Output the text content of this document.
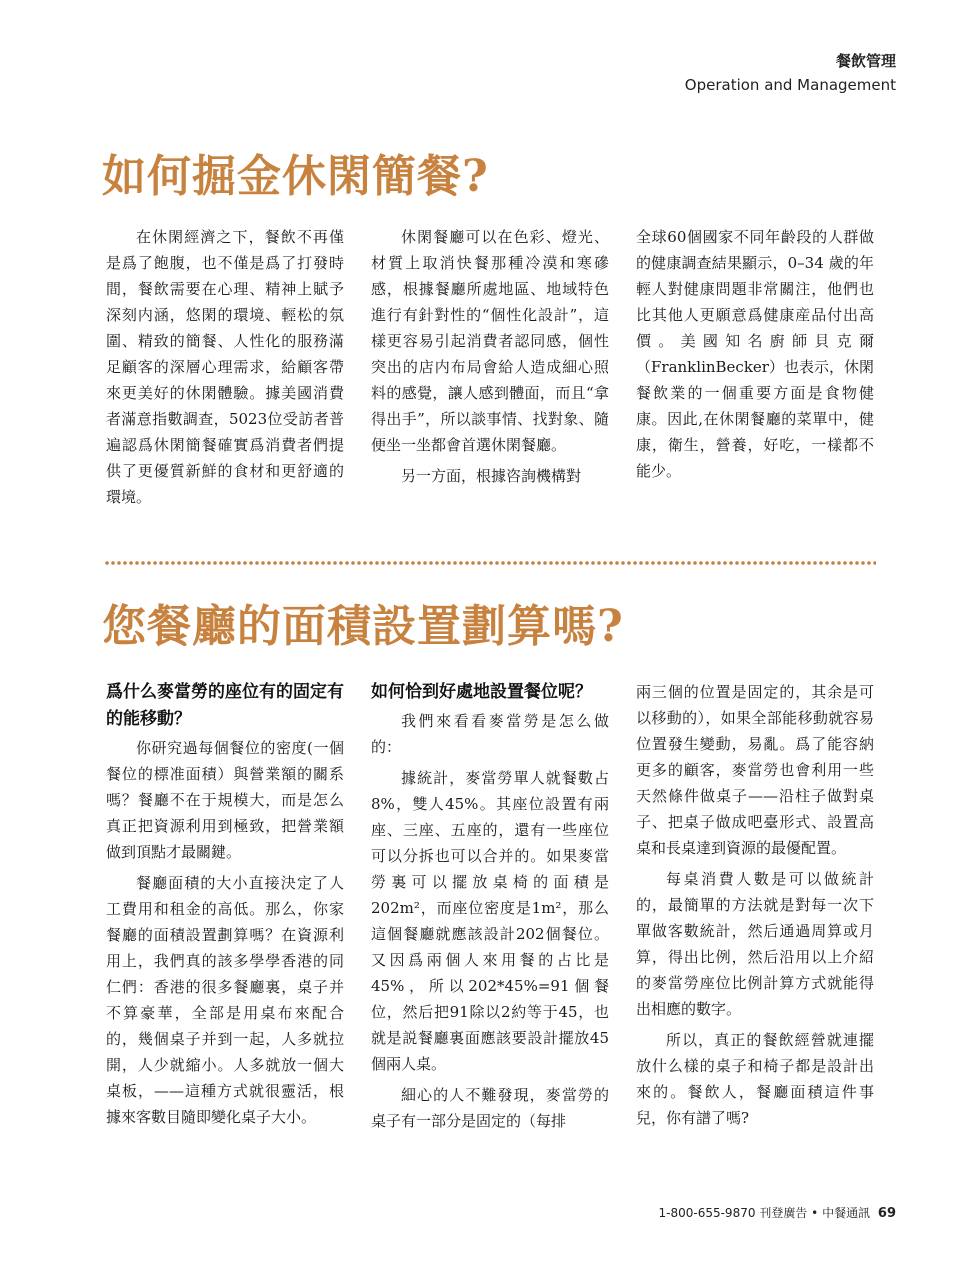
餐飲管理
Operation and Management
如何掘金休閑簡餐?

在休閑經濟之下，餐飲不再僅是爲了飽腹，也不僅是爲了打發時間，餐飲需要在心理、精神上賦予深刻内涵，悠閑的環境、輕松的氛圍、精致的簡餐、人性化的服務滿足顧客的深層心理需求，給顧客帶來更美好的休閑體驗。據美國消費者滿意指數調查，5023位受訪者普遍認爲休閑簡餐確實爲消費者們提供了更優質新鮮的食材和更舒適的環境。

休閑餐廳可以在色彩、燈光、材質上取消快餐那種冷漠和寒磣感，根據餐廳所處地區、地域特色進行有針對性的“個性化設計”，這樣更容易引起消費者認同感，個性突出的店内布局會給人造成細心照料的感覺，讓人感到體面，而且“拿得出手”，所以談事情、找對象、隨便坐一坐都會首選休閑餐廳。

另一方面，根據咨詢機構對

全球60個國家不同年齡段的人群做的健康調查結果顯示，0–34 歲的年輕人對健康問題非常關注，他們也比其他人更願意爲健康産品付出高價。美國知名廚師貝克爾（FranklinBecker）也表示，休閑餐飲業的一個重要方面是食物健康。因此,在休閑餐廳的菜單中，健康，衛生，營養，好吃，一樣都不能少。

您餐廳的面積設置劃算嗎?
爲什么麥當勞的座位有的固定有的能移動？

你研究過每個餐位的密度(一個餐位的標准面積）與營業額的關系嗎？餐廳不在于規模大，而是怎么真正把資源利用到極致，把營業額做到頂點才最關鍵。

餐廳面積的大小直接決定了人工費用和租金的高低。那么，你家餐廳的面積設置劃算嗎？在資源利用上，我們真的該多學學香港的同仁們：香港的很多餐廳裏，桌子并不算豪華，全部是用桌布來配合的，幾個桌子并到一起，人多就拉開，人少就縮小。人多就放一個大桌板，——這種方式就很靈活，根據來客數目隨即變化桌子大小。

如何恰到好處地設置餐位呢？

我們來看看麥當勞是怎么做的：

據統計，麥當勞單人就餐數占8%，雙人45%。其座位設置有兩座、三座、五座的，還有一些座位可以分拆也可以合并的。如果麥當勞裏可以擺放桌椅的面積是202m²，而座位密度是1m²，那么這個餐廳就應該設計202個餐位。又因爲兩個人來用餐的占比是45%，所以202*45%=91個餐位，然后把91除以2約等于45，也就是説餐廳裏面應該要設計擺放45個兩人桌。

細心的人不難發現，麥當勞的桌子有一部分是固定的（每排

兩三個的位置是固定的，其余是可以移動的），如果全部能移動就容易位置發生變動，易亂。爲了能容納更多的顧客，麥當勞也會利用一些天然條件做桌子——沿柱子做對桌子、把桌子做成吧臺形式、設置高桌和長桌達到資源的最優配置。

每桌消費人數是可以做統計的，最簡單的方法就是對每一次下單做客數統計，然后通過周算或月算，得出比例，然后沿用以上介紹的麥當勞座位比例計算方式就能得出相應的數字。

所以，真正的餐飲經營就連擺放什么樣的桌子和椅子都是設計出來的。餐飲人，餐廳面積這件事兒，你有譜了嗎?

1-800-655-9870 刊登廣告 • 中餐通訊 69
